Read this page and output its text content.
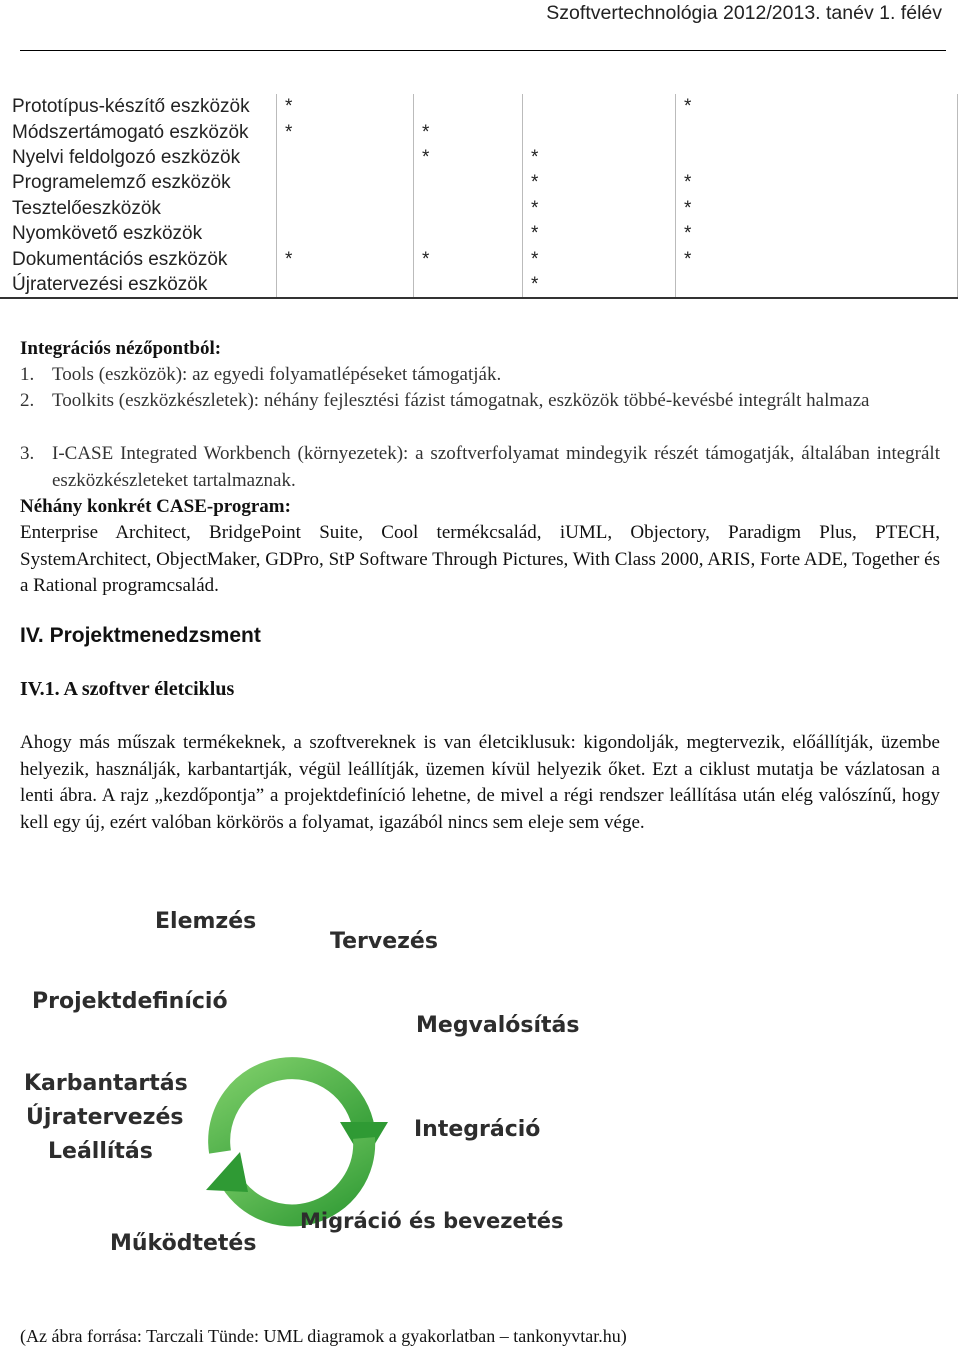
Szoftvertechnológia 2012/2013. tanév 1. félév
Prototípus-készítő eszközök	*			*
Módszertámogató eszközök	*	*		
Nyelvi feldolgozó eszközök		*	*	
Programelemző eszközök			*	*
Tesztelőeszközök			*	*
Nyomkövető eszközök			*	*
Dokumentációs eszközök	*	*	*	*
Újratervezési eszközök			*	
Integrációs nézőpontból:
1. Tools (eszközök): az egyedi folyamatlépéseket támogatják.
2. Toolkits (eszközkészletek): néhány fejlesztési fázist támogatnak, eszközök többé-kevésbé integrált halmaza
3. I-CASE Integrated Workbench (környezetek): a szoftverfolyamat mindegyik részét támogatják, általában integrált eszközkészleteket tartalmaznak.
Néhány konkrét CASE-program:
Enterprise Architect, BridgePoint Suite, Cool termékcsalád, iUML, Objectory, Paradigm Plus, PTECH, SystemArchitect, ObjectMaker, GDPro, StP Software Through Pictures, With Class 2000, ARIS, Forte ADE, Together és a Rational programcsalád.
IV. Projektmenedzsment
IV.1. A szoftver életciklus
Ahogy más műszak termékeknek, a szoftvereknek is van életciklusuk: kigondolják, megtervezik, előállítják, üzembe helyezik, használják, karbantartják, végül leállítják, üzemen kívül helyezik őket. Ezt a ciklust mutatja be vázlatosan a lenti ábra. A rajz „kezdőpontja” a projektdefiníció lehetne, de mivel a régi rendszer leállítása után elég valószínű, hogy kell egy új, ezért valóban körkörös a folyamat, igazából nincs sem eleje sem vége.
Elemzés
Tervezés
Projektdefiníció
Megvalósítás
Karbantartás
Újratervezés
Leállítás
Integráció
Migráció és bevezetés
Működtetés
(Az ábra forrása: Tarczali Tünde: UML diagramok a gyakorlatban – tankonyvtar.hu)
